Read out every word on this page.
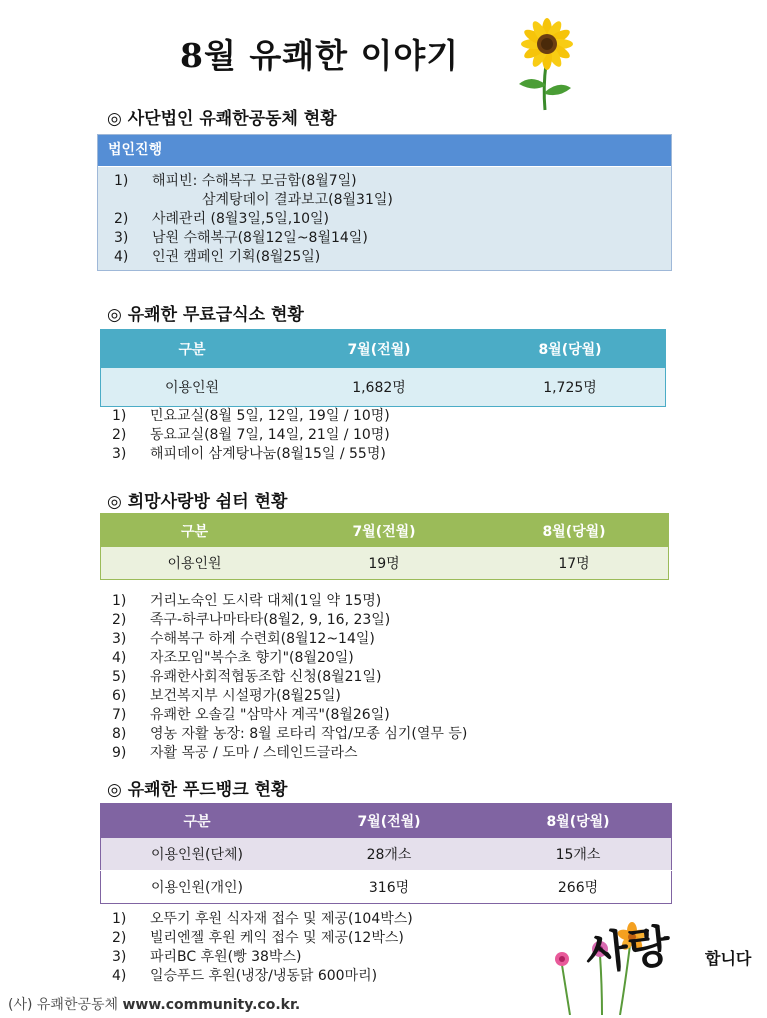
8월 유쾌한 이야기
◎ 사단법인 유쾌한공동체 현황
법인진행
1)	해피빈: 수해복구 모금함(8월7일)
삼계탕데이 결과보고(8월31일)
2)	사례관리 (8월3일,5일,10일)
3)	남원 수해복구(8월12일~8월14일)
4)	인권 캠페인 기획(8월25일)
◎ 유쾌한 무료급식소 현황
구분	7월(전월)	8월(당월)
이용인원	1,682명	1,725명
1)	민요교실(8월 5일, 12일, 19일 / 10명)
2)	동요교실(8월 7일, 14일, 21일 / 10명)
3)	해피데이 삼계탕나눔(8월15일 / 55명)
◎ 희망사랑방 쉼터 현황
구분	7월(전월)	8월(당월)
이용인원	19명	17명
1)	거리노숙인 도시락 대체(1일 약 15명)
2)	족구-하쿠나마타타(8월2, 9, 16, 23일)
3)	수해복구 하계 수련회(8월12~14일)
4)	자조모임"복수초 향기"(8월20일)
5)	유쾌한사회적협동조합 신청(8월21일)
6)	보건복지부 시설평가(8월25일)
7)	유쾌한 오솔길 "삼막사 계곡"(8월26일)
8)	영농 자활 농장: 8월 로타리 작업/모종 심기(열무 등)
9)	자활 목공 / 도마 / 스테인드글라스
◎ 유쾌한 푸드뱅크 현황
구분	7월(전월)	8월(당월)
이용인원(단체)	28개소	15개소
이용인원(개인)	316명	266명
1)	오뚜기 후원 식자재 접수 및 제공(104박스)
2)	빌리엔젤 후원 케익 접수 및 제공(12박스)
3)	파리BC 후원(빵 38박스)
4)	일승푸드 후원(냉장/냉동닭 600마리)	사랑 합니다
(사) 유쾌한공동체 www.community.co.kr.
